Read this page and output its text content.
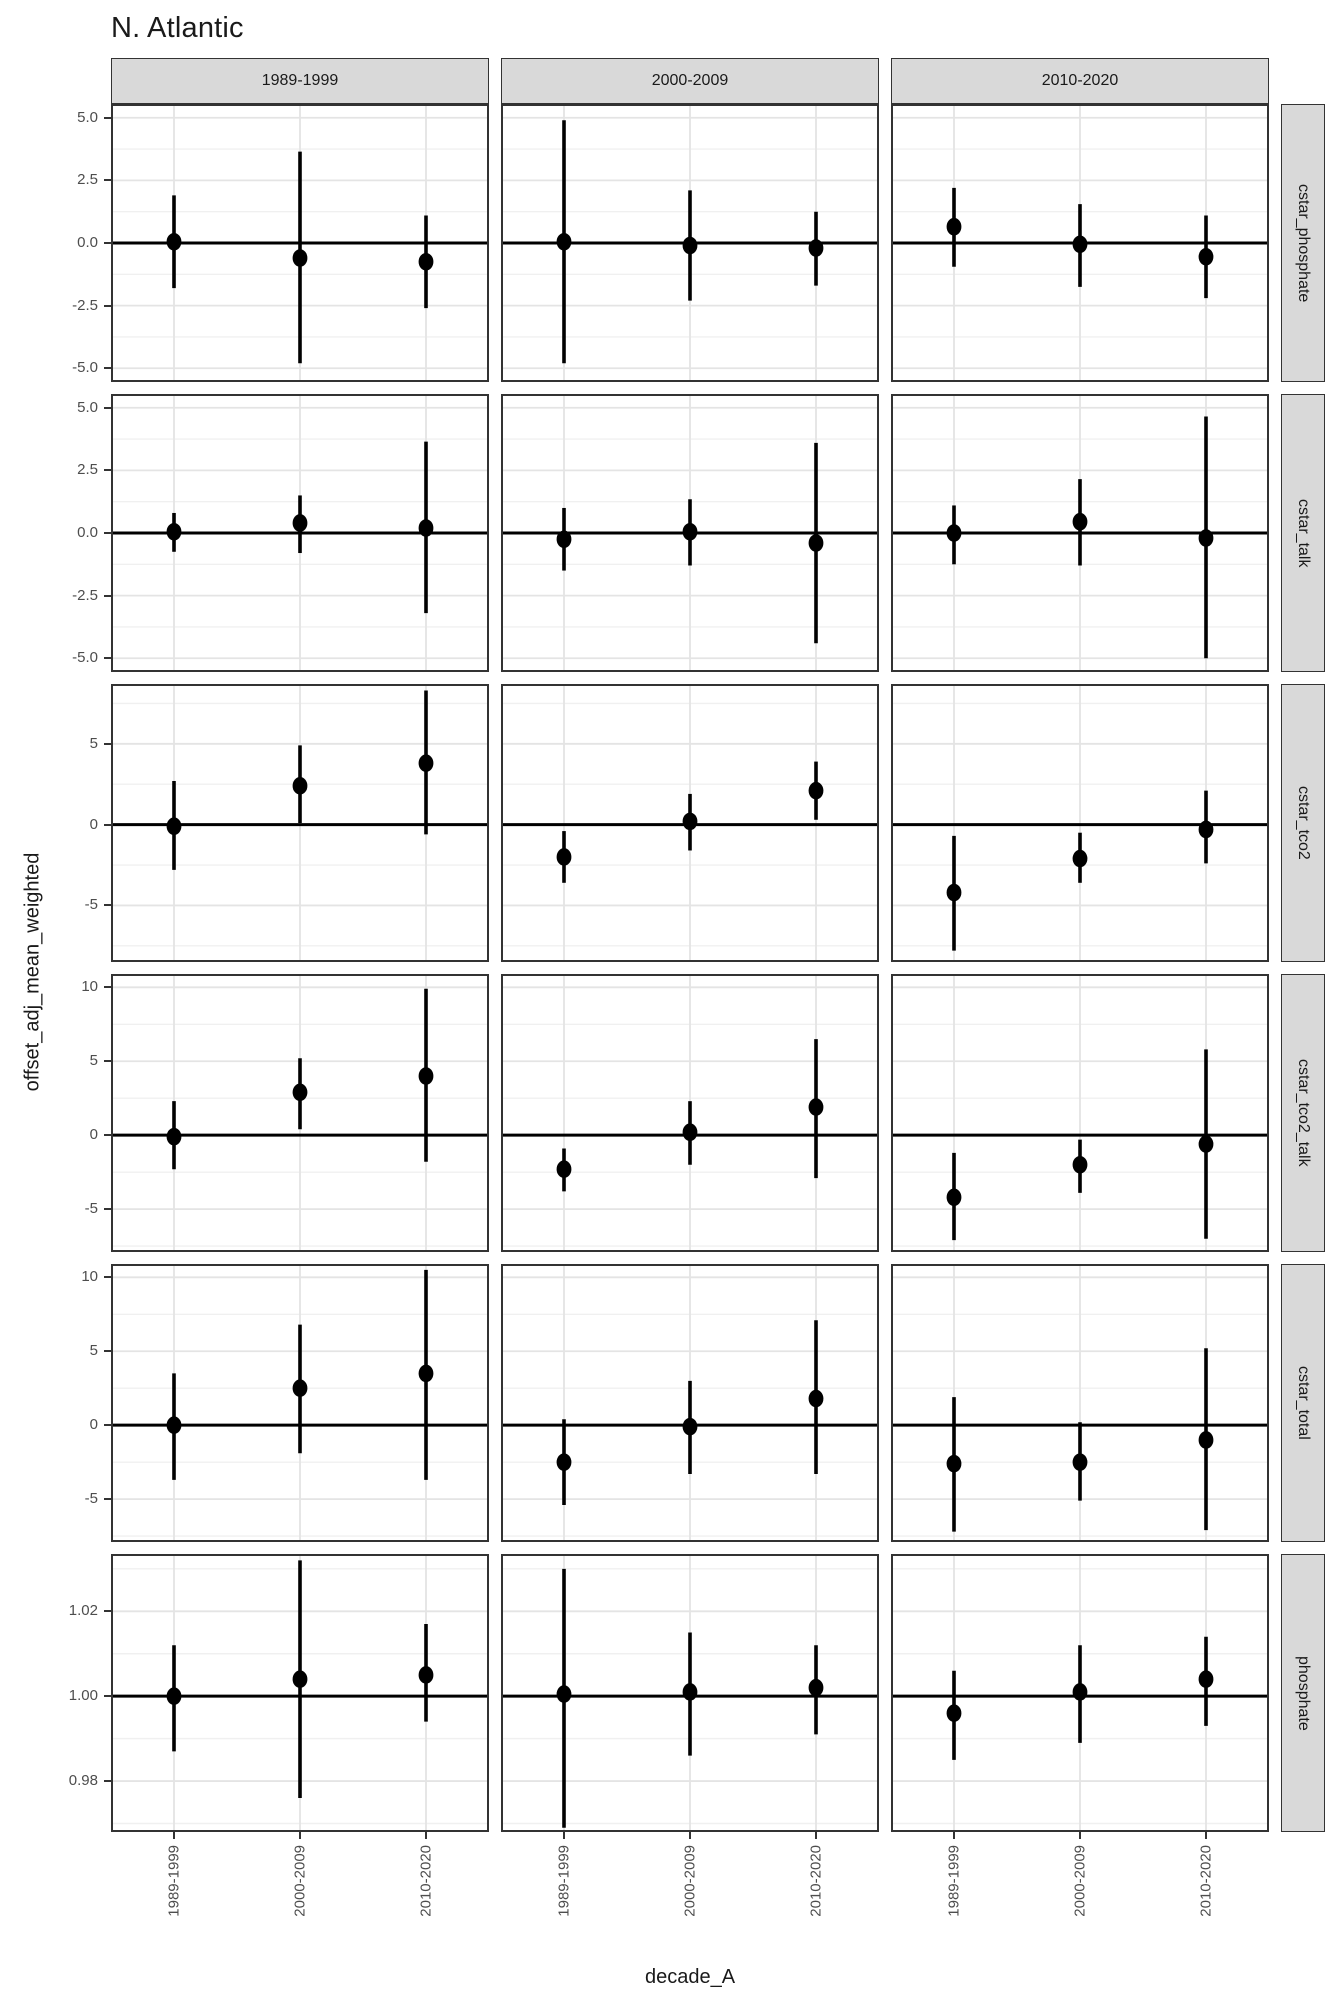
N. Atlantic
decade_A
1989-1999	2000-2009	2010-2020
5.0
2.5
0.0
-2.5
-5.0
cstar_phosphate
5.0
2.5
0.0
-2.5
-5.0
cstar_talk
5
0
-5
cstar_tco2
10
5
0
-5
cstar_tco2_talk
10
5
0
-5
cstar_total
1.02
1.00
0.98
phosphate
1989-1999	2000-2009	2010-2020	1989-1999	2000-2009	2010-2020	1989-1999	2000-2009	2010-2020
offset_adj_mean_weighted
